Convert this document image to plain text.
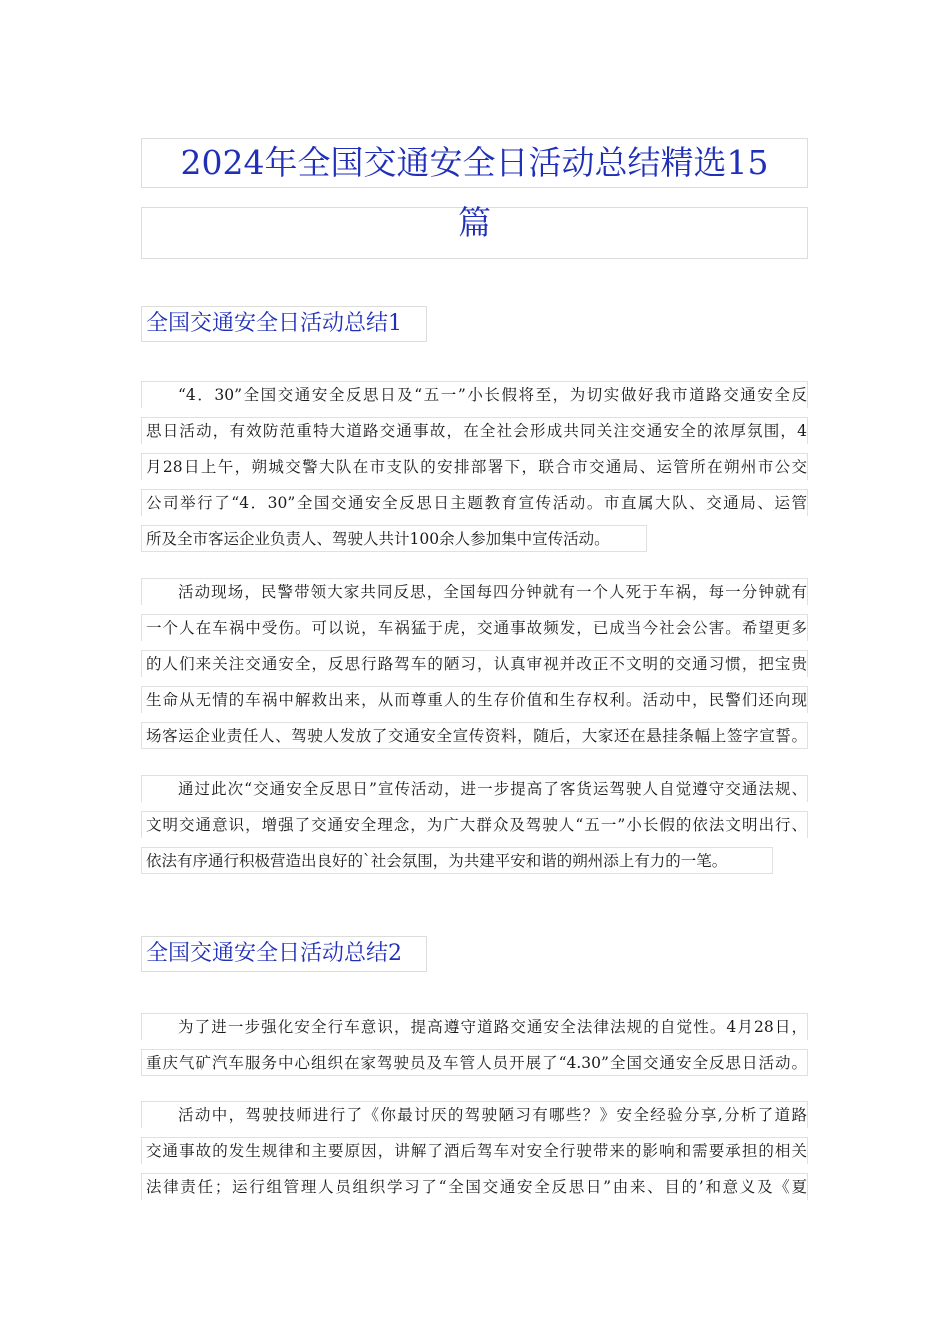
2024年全国交通安全日活动总结精选15
篇
全国交通安全日活动总结1
“4．30”全国交通安全反思日及“五一”小长假将至，为切实做好我市道路交通安全反
思日活动，有效防范重特大道路交通事故，在全社会形成共同关注交通安全的浓厚氛围，4
月28日上午，朔城交警大队在市支队的安排部署下，联合市交通局、运管所在朔州市公交
公司举行了“4．30”全国交通安全反思日主题教育宣传活动。市直属大队、交通局、运管
所及全市客运企业负责人、驾驶人共计100余人参加集中宣传活动。
活动现场，民警带领大家共同反思，全国每四分钟就有一个人死于车祸，每一分钟就有
一个人在车祸中受伤。可以说，车祸猛于虎，交通事故频发，已成当今社会公害。希望更多
的人们来关注交通安全，反思行路驾车的陋习，认真审视并改正不文明的交通习惯，把宝贵
生命从无情的车祸中解救出来，从而尊重人的生存价值和生存权利。活动中，民警们还向现
场客运企业责任人、驾驶人发放了交通安全宣传资料，随后，大家还在悬挂条幅上签字宣誓。
通过此次“交通安全反思日”宣传活动，进一步提高了客货运驾驶人自觉遵守交通法规、
文明交通意识，增强了交通安全理念，为广大群众及驾驶人“五一”小长假的依法文明出行、
依法有序通行积极营造出良好的`社会氛围，为共建平安和谐的朔州添上有力的一笔。
全国交通安全日活动总结2
为了进一步强化安全行车意识，提高遵守道路交通安全法律法规的自觉性。4月28日，
重庆气矿汽车服务中心组织在家驾驶员及车管人员开展了“4.30”全国交通安全反思日活动。
活动中，驾驶技师进行了《你最讨厌的驾驶陋习有哪些？》安全经验分享,分析了道路
交通事故的发生规律和主要原因，讲解了酒后驾车对安全行驶带来的影响和需要承担的相关
法律责任；运行组管理人员组织学习了“全国交通安全反思日”由来、目的’和意义及《夏
